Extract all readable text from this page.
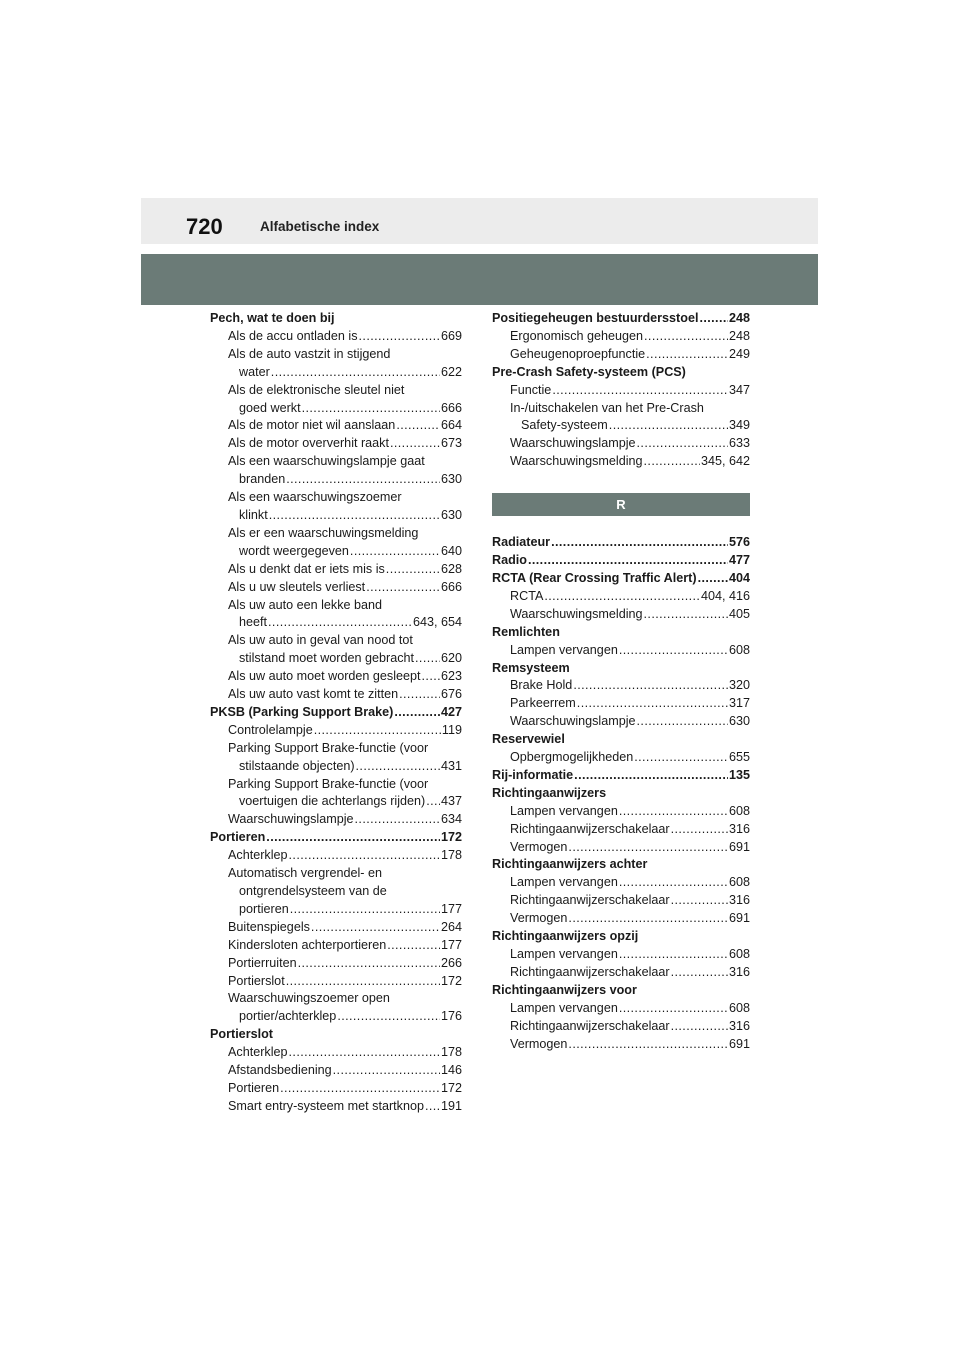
720	Alfabetische index
Pech, wat te doen bij
Als de accu ontladen is .....	669
Als de auto vastzit in stijgend
water .....	622
Als de elektronische sleutel niet
goed werkt .....	666
Als de motor niet wil aanslaan .....	664
Als de motor oververhit raakt .....	673
Als een waarschuwingslampje gaat
branden .....	630
Als een waarschuwingszoemer
klinkt .....	630
Als er een waarschuwingsmelding
wordt weergegeven .....	640
Als u denkt dat er iets mis is .....	628
Als u uw sleutels verliest .....	666
Als uw auto een lekke band
heeft .....	643, 654
Als uw auto in geval van nood tot
stilstand moet worden gebracht ..... 620
Als uw auto moet worden gesleept ..... 623
Als uw auto vast komt te zitten .....	676
PKSB (Parking Support Brake) .....	427
Controlelampje .....	119
Parking Support Brake-functie (voor
stilstaande objecten) .....	431
Parking Support Brake-functie (voor
voertuigen die achterlangs rijden) ..... 437
Waarschuwingslampje .....	634
Portieren .....	172
Achterklep .....	178
Automatisch vergrendel- en
ontgrendelsysteem van de
portieren .....	177
Buitenspiegels .....	264
Kindersloten achterportieren .....	177
Portierruiten .....	266
Portierslot .....	172
Waarschuwingszoemer open
portier/achterklep .....	176
Portierslot
Achterklep .....	178
Afstandsbediening .....	146
Portieren .....	172
Smart entry-systeem met startknop ..... 191
Positiegeheugen bestuurdersstoel ..... 248
Ergonomisch geheugen .....	248
Geheugenoproepfunctie .....	249
Pre-Crash Safety-systeem (PCS)
Functie .....	347
In-/uitschakelen van het Pre-Crash
Safety-systeem .....	349
Waarschuwingslampje .....	633
Waarschuwingsmelding .....	345, 642
R
Radiateur .....	576
Radio .....	477
RCTA (Rear Crossing Traffic Alert) .....	404
RCTA .....	404, 416
Waarschuwingsmelding .....	405
Remlichten
Lampen vervangen .....	608
Remsysteem
Brake Hold .....	320
Parkeerrem .....	317
Waarschuwingslampje .....	630
Reservewiel
Opbergmogelijkheden .....	655
Rij-informatie .....	135
Richtingaanwijzers
Lampen vervangen .....	608
Richtingaanwijzerschakelaar .....	316
Vermogen .....	691
Richtingaanwijzers achter
Lampen vervangen .....	608
Richtingaanwijzerschakelaar .....	316
Vermogen .....	691
Richtingaanwijzers opzij
Lampen vervangen .....	608
Richtingaanwijzerschakelaar .....	316
Richtingaanwijzers voor
Lampen vervangen .....	608
Richtingaanwijzerschakelaar .....	316
Vermogen .....	691
